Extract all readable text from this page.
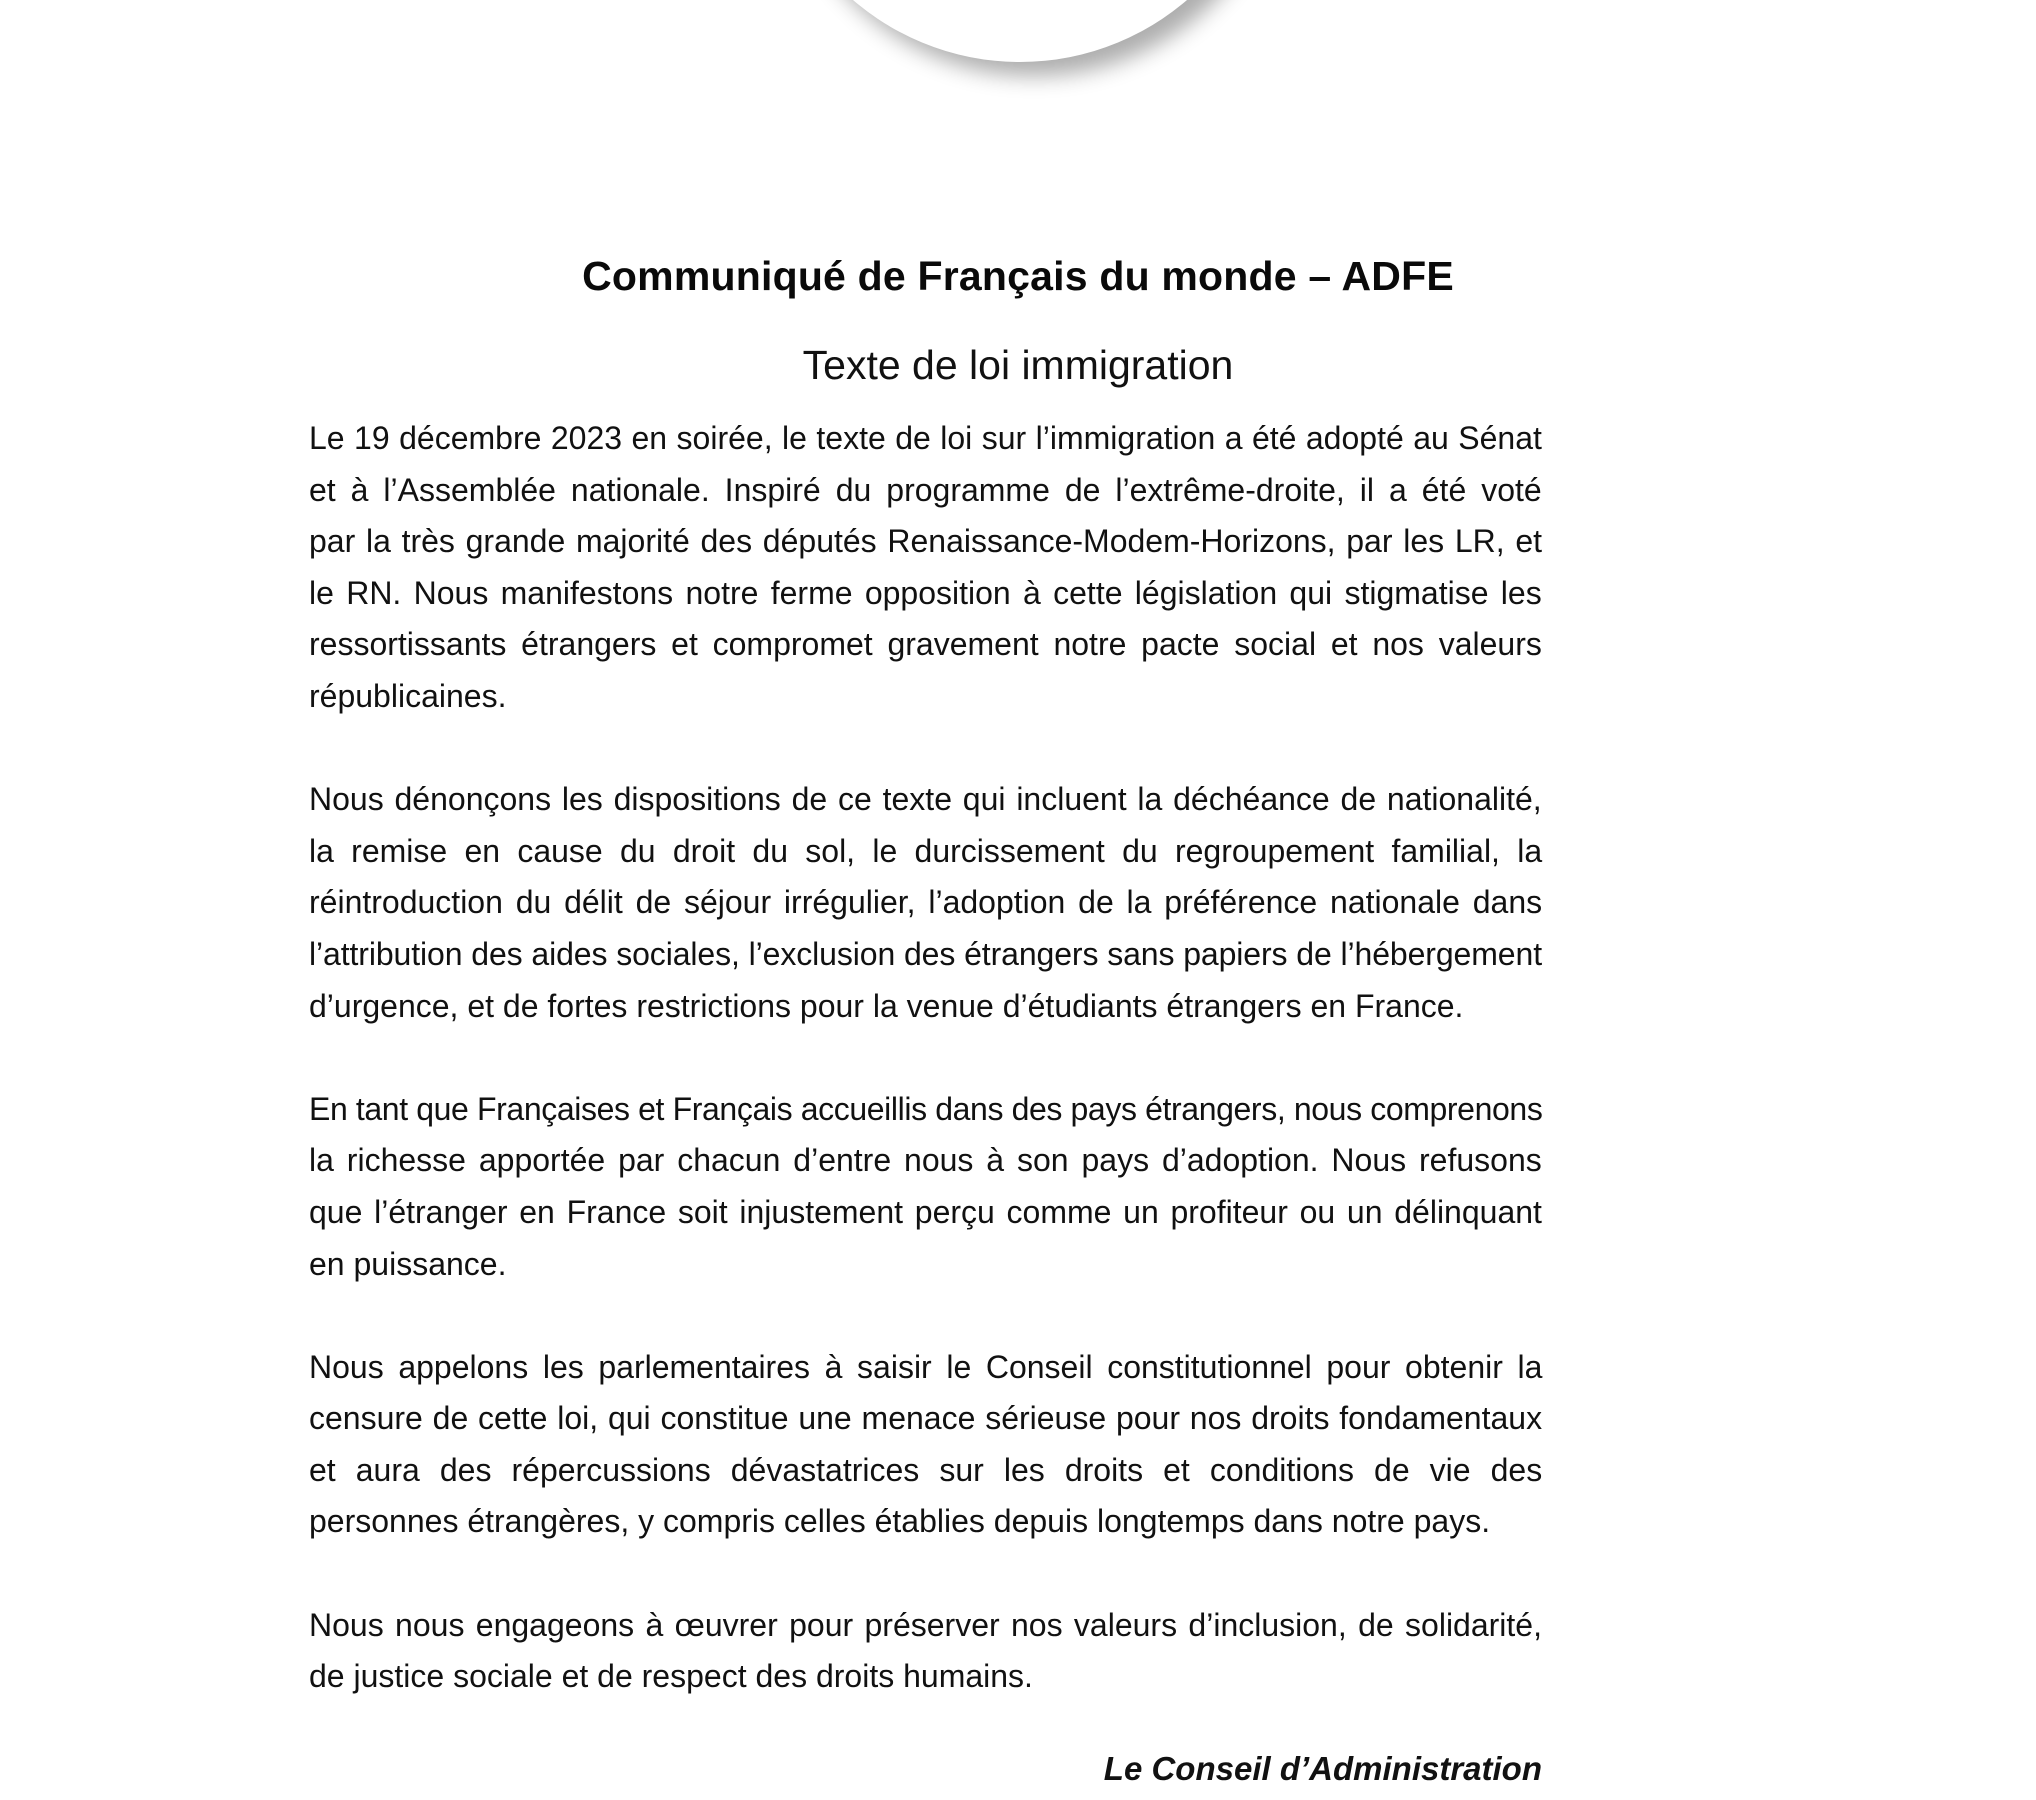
Communiqué de Français du monde – ADFE
Texte de loi immigration

Le 19 décembre 2023 en soirée, le texte de loi sur l’immigration a été adopté au Sénat
et à l’Assemblée nationale. Inspiré du programme de l’extrême-droite, il a été voté
par la très grande majorité des députés Renaissance-Modem-Horizons, par les LR, et
le RN. Nous manifestons notre ferme opposition à cette législation qui stigmatise les
ressortissants étrangers et compromet gravement notre pacte social et nos valeurs
républicaines.

Nous dénonçons les dispositions de ce texte qui incluent la déchéance de nationalité,
la remise en cause du droit du sol, le durcissement du regroupement familial, la
réintroduction du délit de séjour irrégulier, l’adoption de la préférence nationale dans
l’attribution des aides sociales, l’exclusion des étrangers sans papiers de l’hébergement
d’urgence, et de fortes restrictions pour la venue d’étudiants étrangers en France.

En tant que Françaises et Français accueillis dans des pays étrangers, nous comprenons
la richesse apportée par chacun d’entre nous à son pays d’adoption. Nous refusons
que l’étranger en France soit injustement perçu comme un profiteur ou un délinquant
en puissance.

Nous appelons les parlementaires à saisir le Conseil constitutionnel pour obtenir la
censure de cette loi, qui constitue une menace sérieuse pour nos droits fondamentaux
et aura des répercussions dévastatrices sur les droits et conditions de vie des
personnes étrangères, y compris celles établies depuis longtemps dans notre pays.

Nous nous engageons à œuvrer pour préserver nos valeurs d’inclusion, de solidarité,
de justice sociale et de respect des droits humains.

Le Conseil d’Administration
